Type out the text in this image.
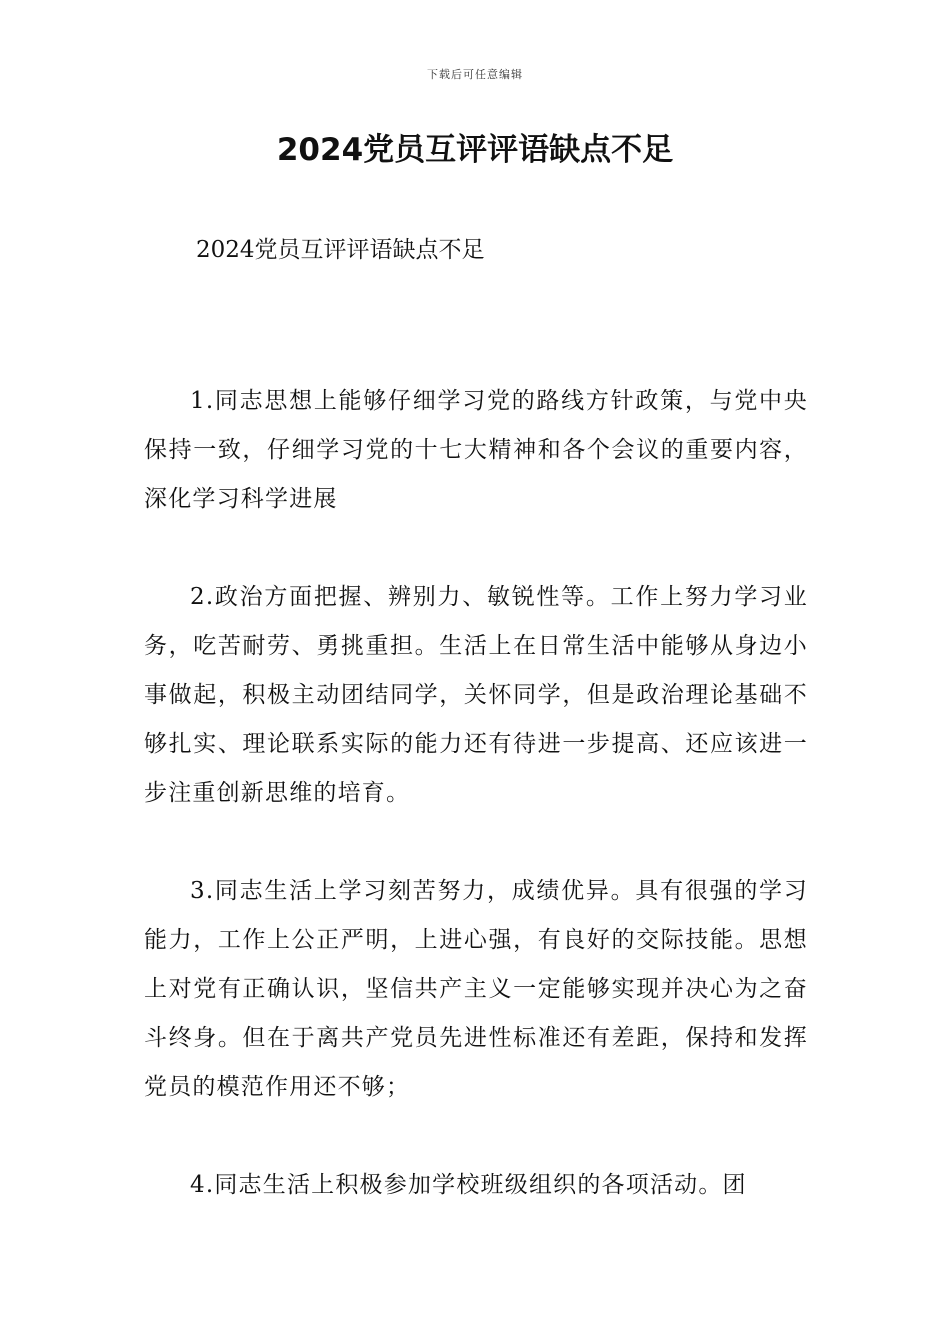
下载后可任意编辑
2024党员互评评语缺点不足
2024党员互评评语缺点不足

1.同志思想上能够仔细学习党的路线方针政策，与党中央保持一致，仔细学习党的十七大精神和各个会议的重要内容，深化学习科学进展

2.政治方面把握、辨别力、敏锐性等。工作上努力学习业务，吃苦耐劳、勇挑重担。生活上在日常生活中能够从身边小事做起，积极主动团结同学，关怀同学，但是政治理论基础不够扎实、理论联系实际的能力还有待进一步提高、还应该进一步注重创新思维的培育。

3.同志生活上学习刻苦努力，成绩优异。具有很强的学习能力，工作上公正严明，上进心强，有良好的交际技能。思想上对党有正确认识，坚信共产主义一定能够实现并决心为之奋斗终身。但在于离共产党员先进性标准还有差距，保持和发挥党员的模范作用还不够；

4.同志生活上积极参加学校班级组织的各项活动。团
